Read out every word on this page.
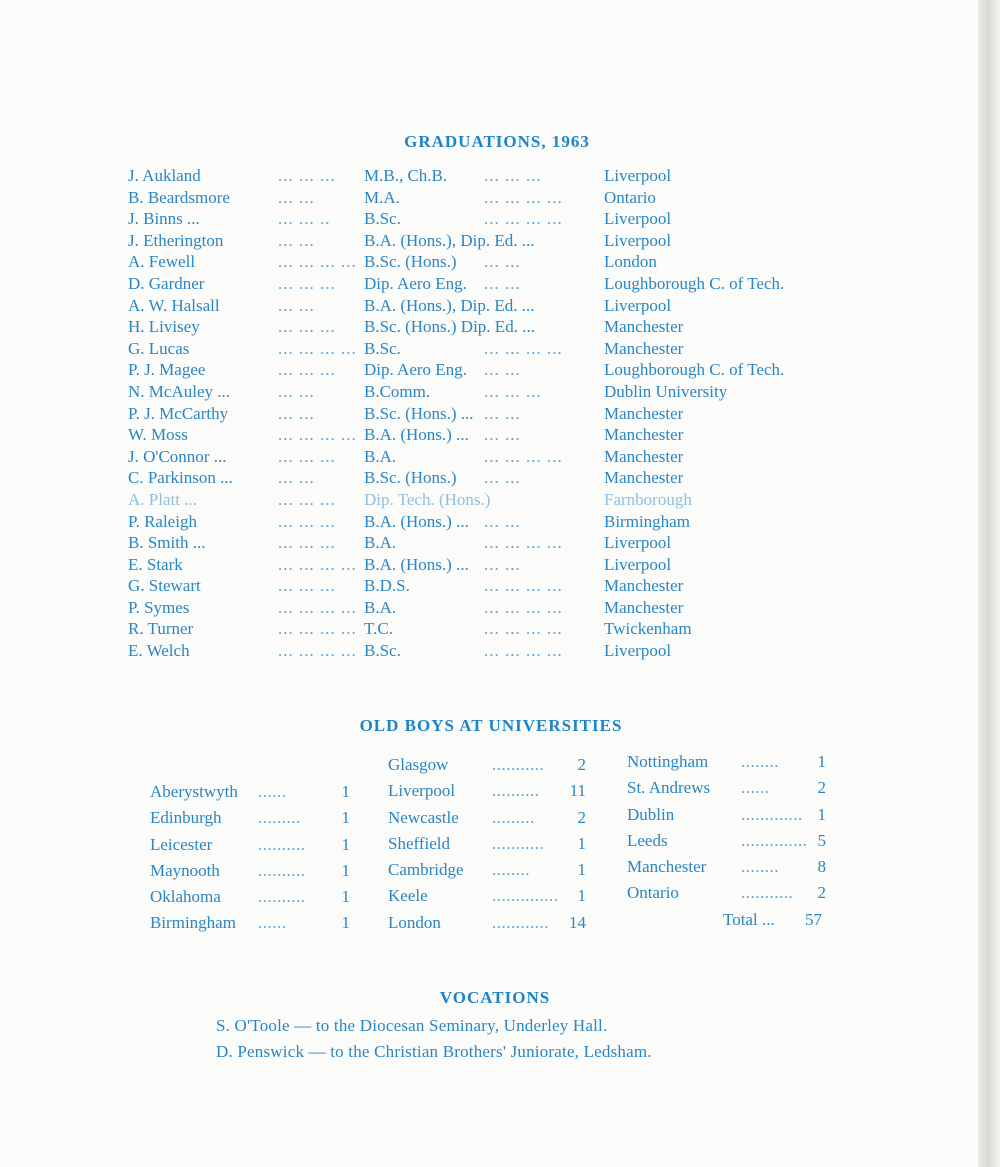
GRADUATIONS, 1963
J. Aukland	... ... ... M.B., Ch.B. ... ... ...	Liverpool
B. Beardsmore	... ...	M.A.	... ... ... ... Ontario
J. Binns ...	... ... .. B.Sc.	... ... ... ... Liverpool
J. Etherington	... ...	B.A. (Hons.), Dip. Ed. ...	Liverpool
A. Fewell	... ... ... ... B.Sc. (Hons.) ... ...	London
D. Gardner	... ... ... Dip. Aero Eng. ... ...	Loughborough C. of Tech.
A. W. Halsall	... ...	B.A. (Hons.), Dip. Ed. ...	Liverpool
H. Livisey	... ... ... B.Sc. (Hons.) Dip. Ed. ...	Manchester
G. Lucas	... ... ... ... B.Sc.	... ... ... ... Manchester
P. J. Magee	... ... ... Dip. Aero Eng. ... ...	Loughborough C. of Tech.
N. McAuley ...	... ...	B.Comm.	... ... ...	Dublin University
P. J. McCarthy	... ...	B.Sc. (Hons.) ... ... ...	Manchester
W. Moss	... ... ... ... B.A. (Hons.) ... ... ...	Manchester
J. O'Connor ...	... ... ... B.A.	... ... ... ... Manchester
C. Parkinson ...	... ...	B.Sc. (Hons.) ... ...	Manchester
A. Platt ...	... ... ... Dip. Tech. (Hons.)	Farnborough
P. Raleigh	... ... ... B.A. (Hons.) ... ... ...	Birmingham
B. Smith ...	... ... ... B.A.	... ... ... ... Liverpool
E. Stark	... ... ... ... B.A. (Hons.) ... ... ...	Liverpool
G. Stewart	... ... ... B.D.S.	... ... ... ... Manchester
P. Symes	... ... ... ... B.A.	... ... ... ... Manchester
R. Turner	... ... ... ... T.C.	... ... ... ... Twickenham
E. Welch	... ... ... ... B.Sc.	... ... ... ... Liverpool
OLD BOYS AT UNIVERSITIES
Aberystwyth ......	1
Edinburgh .........	1
Leicester	..........	1
Maynooth ..........	1
Oklahoma ..........	1
Birmingham ......	1
Glasgow	...........	2
Liverpool ..........	11
Newcastle .........	2
Sheffield ...........	1
Cambridge ........	1
Keele	..............	1
London	............	14
Nottingham ........	1
St. Andrews ......	2
Dublin	............. 1
Leeds	.............. 5
Manchester ........	8
Ontario	...........	2
Total ... 57
VOCATIONS
S. O'Toole — to the Diocesan Seminary, Underley Hall.
D. Penswick — to the Christian Brothers' Juniorate, Ledsham.
